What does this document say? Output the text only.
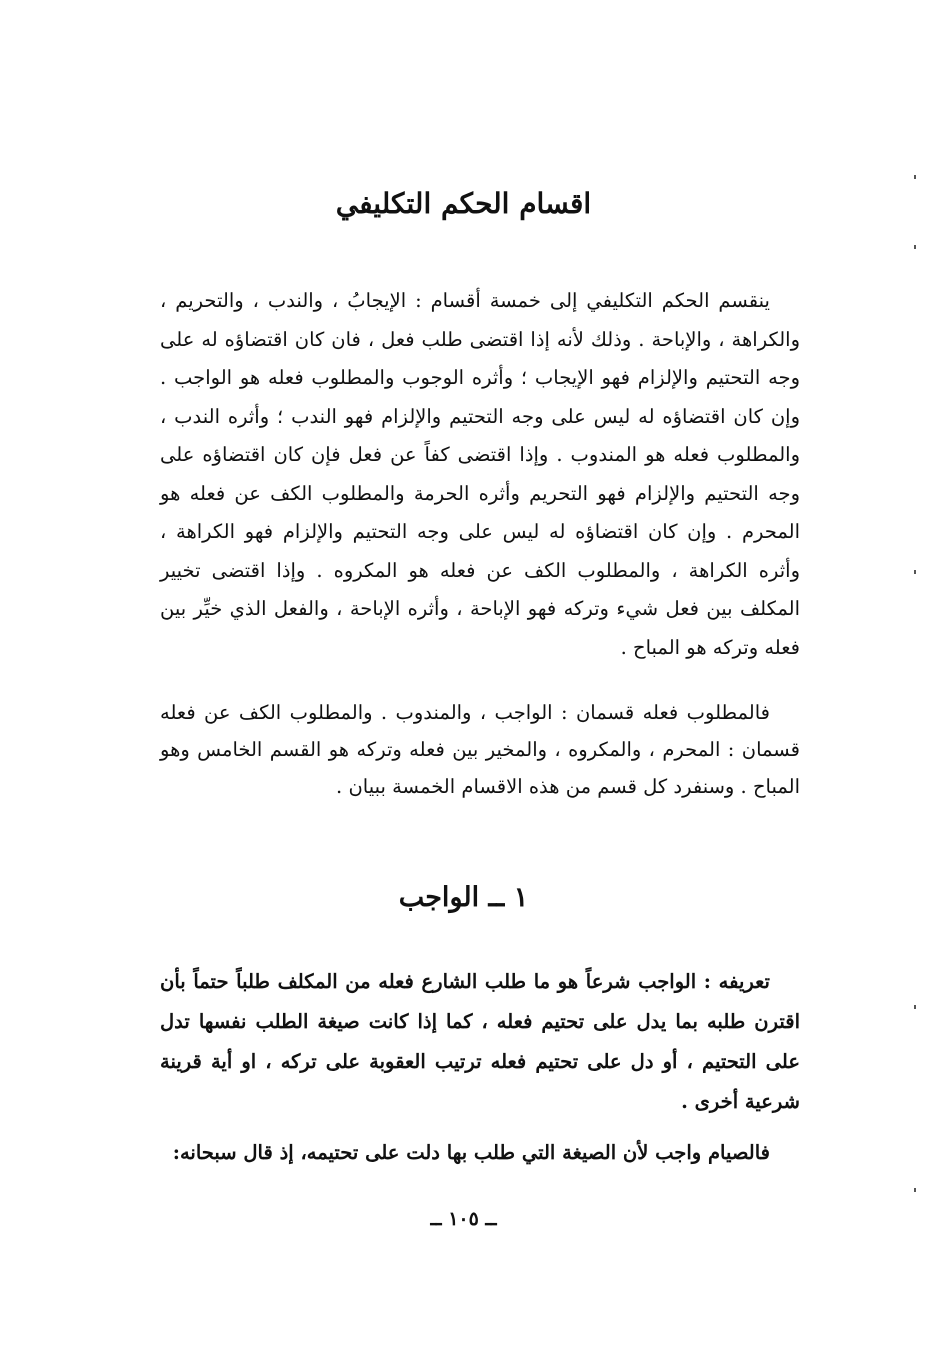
اقسام الحكم التكليفي

ينقسم الحكم التكليفي إلى خمسة أقسام : الإيجابُ ، والندب ، والتحريم ، والكراهة ، والإباحة . وذلك لأنه إذا اقتضى طلب فعل ، فان كان اقتضاؤه له على وجه التحتيم والإلزام فهو الإيجاب ؛ وأثره الوجوب والمطلوب فعله هو الواجب . وإن كان اقتضاؤه له ليس على وجه التحتيم والإلزام فهو الندب ؛ وأثره الندب ، والمطلوب فعله هو المندوب . وإذا اقتضى كفاً عن فعل فإن كان اقتضاؤه على وجه التحتيم والإلزام فهو التحريم وأثره الحرمة والمطلوب الكف عن فعله هو المحرم . وإن كان اقتضاؤه له ليس على وجه التحتيم والإلزام فهو الكراهة ، وأثره الكراهة ، والمطلوب الكف عن فعله هو المكروه . وإذا اقتضى تخيير المكلف بين فعل شيء وتركه فهو الإباحة ، وأثره الإباحة ، والفعل الذي خيِّر بين فعله وتركه هو المباح .

فالمطلوب فعله قسمان : الواجب ، والمندوب . والمطلوب الكف عن فعله قسمان : المحرم ، والمكروه ، والمخير بين فعله وتركه هو القسم الخامس وهو المباح . وسنفرد كل قسم من هذه الاقسام الخمسة ببيان .

١ ــ الواجب

تعريفه : الواجب شرعاً هو ما طلب الشارع فعله من المكلف طلباً حتماً بأن اقترن طلبه بما يدل على تحتيم فعله ، كما إذا كانت صيغة الطلب نفسها تدل على التحتيم ، أو دل على تحتيم فعله ترتيب العقوبة على تركه ، او أية قرينة شرعية أخرى .

فالصيام واجب لأن الصيغة التي طلب بها دلت على تحتيمه، إذ قال سبحانه:

ــ ١٠٥ ــ
